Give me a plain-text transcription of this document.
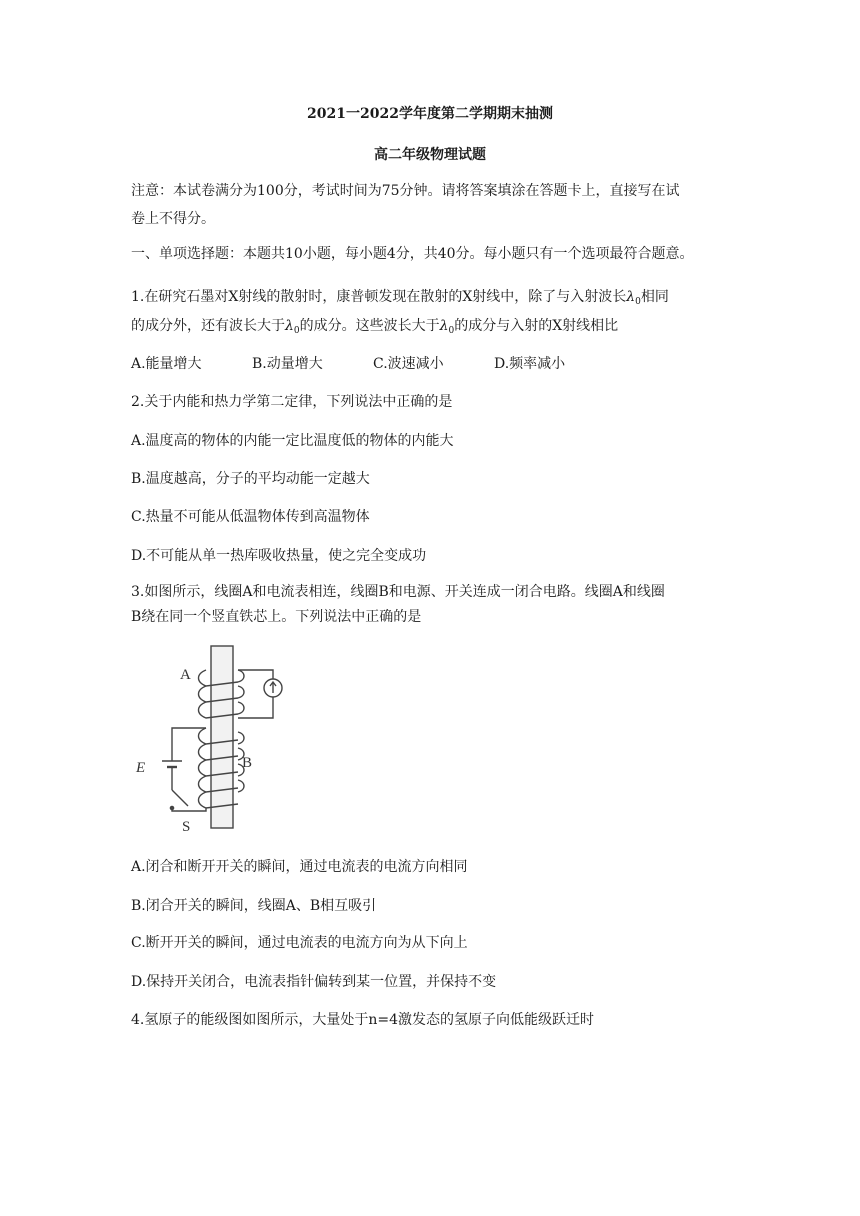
2021一2022学年度第二学期期末抽测
高二年级物理试题
注意：本试卷满分为100分，考试时间为75分钟。请将答案填涂在答题卡上，直接写在试
卷上不得分。
一、单项选择题：本题共10小题，每小题4分，共40分。每小题只有一个选项最符合题意。
1.在研究石墨对X射线的散射时，康普顿发现在散射的X射线中，除了与入射波长$\lambda_0$相同
的成分外，还有波长大于$\lambda_0$的成分。这些波长大于$\lambda_0$的成分与入射的X射线相比
A.能量增大	B.动量增大	C.波速减小	D.频率减小
2.关于内能和热力学第二定律，下列说法中正确的是
A.温度高的物体的内能一定比温度低的物体的内能大
B.温度越高，分子的平均动能一定越大
C.热量不可能从低温物体传到高温物体
D.不可能从单一热库吸收热量，使之完全变成功
3.如图所示，线圈A和电流表相连，线圈B和电源、开关连成一闭合电路。线圈A和线圈
B绕在同一个竖直铁芯上。下列说法中正确的是
A
B
E
S
A.闭合和断开开关的瞬间，通过电流表的电流方向相同
B.闭合开关的瞬间，线圈A、B相互吸引
C.断开开关的瞬间，通过电流表的电流方向为从下向上
D.保持开关闭合，电流表指针偏转到某一位置，并保持不变
4.氢原子的能级图如图所示，大量处于n=4激发态的氢原子向低能级跃迁时
